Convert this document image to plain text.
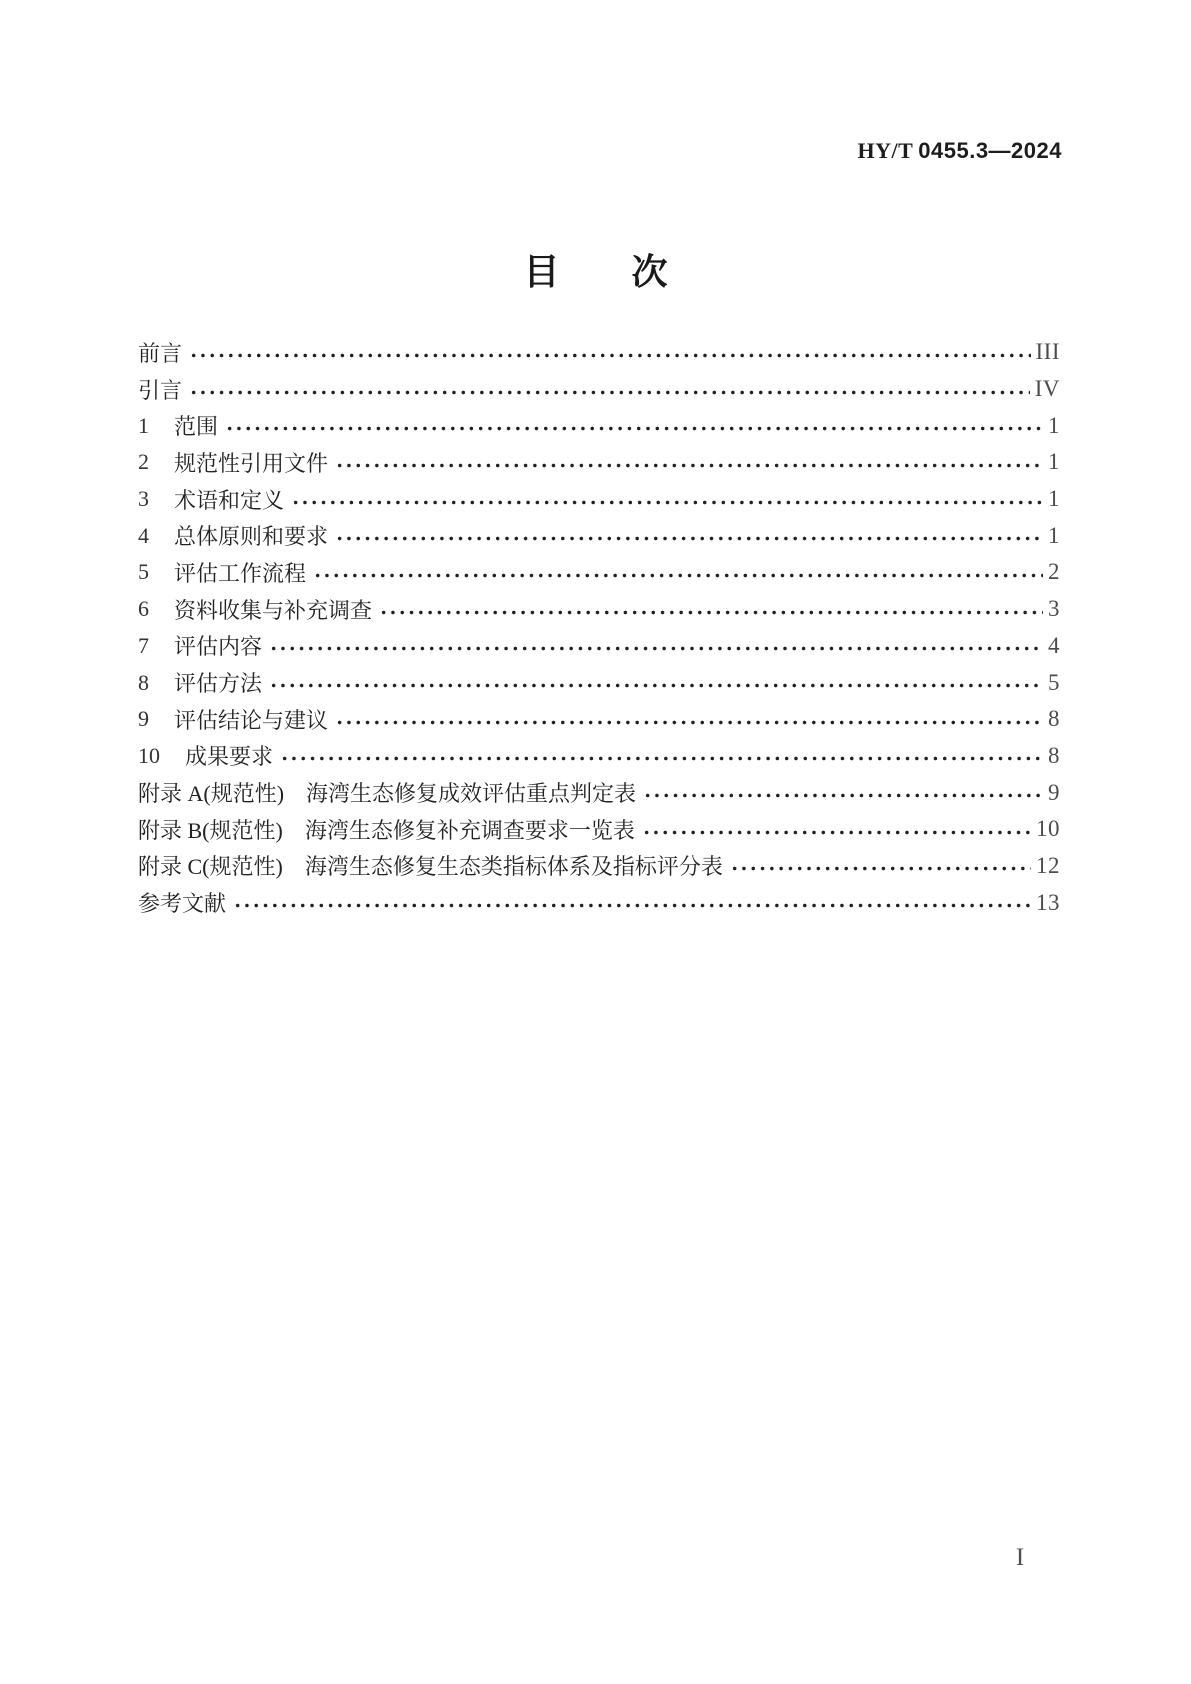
HY/T 0455.3—2024
目　　次
前言	III
引言	IV
1 范围	1
2 规范性引用文件	1
3 术语和定义	1
4 总体原则和要求	1
5 评估工作流程	2
6 资料收集与补充调查	3
7 评估内容	4
8 评估方法	5
9 评估结论与建议	8
10 成果要求	8
附录 A(规范性)　海湾生态修复成效评估重点判定表	9
附录 B(规范性)　海湾生态修复补充调查要求一览表	10
附录 C(规范性)　海湾生态修复生态类指标体系及指标评分表	12
参考文献	13
I
